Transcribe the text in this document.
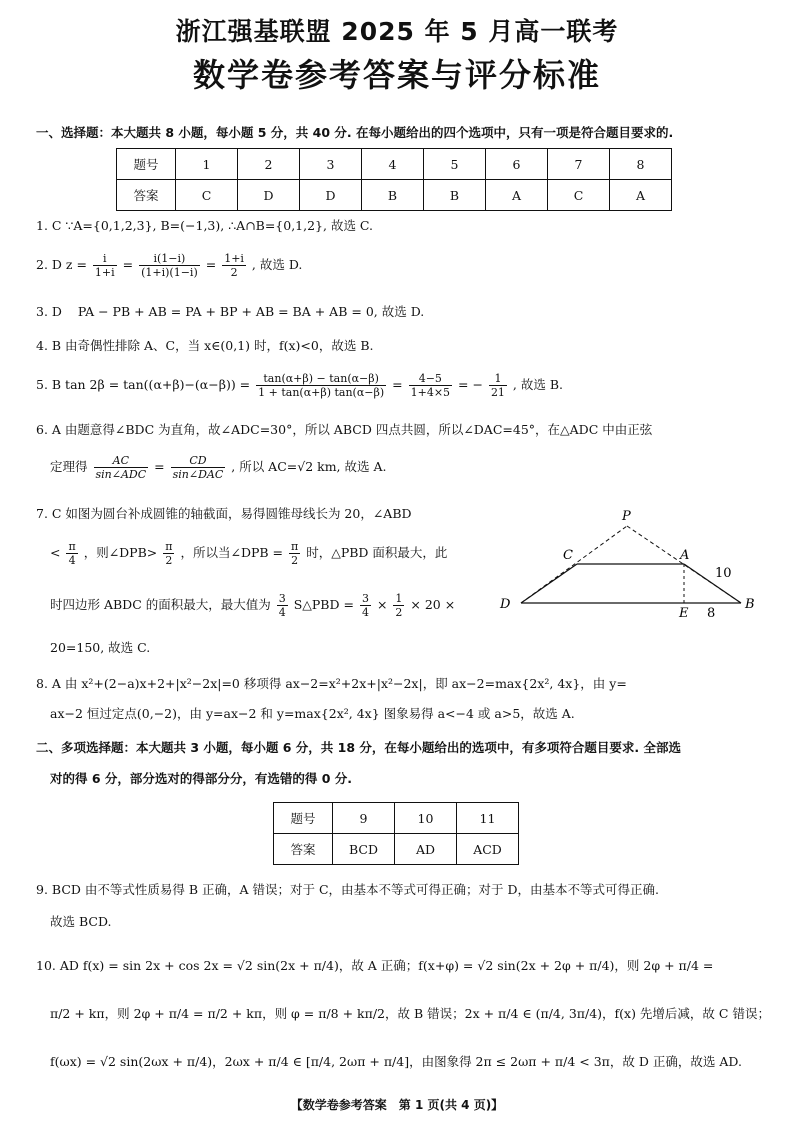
浙江强基联盟 2025 年 5 月高一联考
数学卷参考答案与评分标准
一、选择题：本大题共 8 小题，每小题 5 分，共 40 分. 在每小题给出的四个选项中，只有一项是符合题目要求的.
题号	1	2	3	4	5	6	7	8
答案	C	D	D	B	B	A	C	A
1. C ∵A={0,1,2,3}, B=(−1,3), ∴A∩B={0,1,2}, 故选 C.
2. D $z = \frac{i}{1+i} = \frac{i(1-i)}{(1+i)(1-i)} = \frac{1+i}{2}$ , 故选 D.
3. D PA − PB + AB = PA + BP + AB = BA + AB = 0, 故选 D.
4. B 由奇偶性排除 A、C，当 x∈(0,1) 时，f(x)<0，故选 B.
5. B $\tan 2\beta = \tan((\alpha+\beta)-(\alpha-\beta)) = \frac{\tan(\alpha+\beta) - \tan(\alpha-\beta)}{1 + \tan(\alpha+\beta) \tan(\alpha-\beta)} = \frac{4-5}{1+4\times 5}$ = − $\frac{1}{21}$ , 故选 B.
6. A 由题意得∠BDC 为直角，故∠ADC=30°，所以 ABCD 四点共圆，所以∠DAC=45°，在△ADC 中由正弦
定理得 $\frac{AC}{\text{sin∠ADC}} = \frac{CD}{\text{sin∠DAC}}$ , 所以 AC=√2 km, 故选 A.
7. C 如图为圆台补成圆锥的轴截面，易得圆锥母线长为 20，∠ABD
< $\frac{\pi}{4}$ ，则∠DPB> $\frac{\pi}{2}$ ，所以当∠DPB = $\frac{\pi}{2}$ 时，△PBD 面积最大，此
时四边形 ABDC 的面积最大，最大值为 $\frac{3}{4}$ S△PBD = $\frac{3}{4} \times \frac{1}{2} \times 20$ ×
20=150, 故选 C.
P
C	A
D
E
B
10
8
8. A 由 x²+(2−a)x+2+|x²−2x|=0 移项得 ax−2=x²+2x+|x²−2x|，即 ax−2=max{2x², 4x}，由 y=
ax−2 恒过定点(0,−2)，由 y=ax−2 和 y=max{2x², 4x} 图象易得 a<−4 或 a>5，故选 A.
二、多项选择题：本大题共 3 小题，每小题 6 分，共 18 分，在每小题给出的选项中，有多项符合题目要求. 全部选
对的得 6 分，部分选对的得部分分，有选错的得 0 分.
题号	9	10	11
答案	BCD	AD	ACD
9. BCD 由不等式性质易得 B 正确，A 错误；对于 C，由基本不等式可得正确；对于 D，由基本不等式可得正确.
故选 BCD.
10. AD f(x) = sin 2x + cos 2x = √2 sin(2x + π/4)，故 A 正确；f(x+φ) = √2 sin(2x + 2φ + π/4)，则 2φ + π/4 =
π/2 + kπ，则 2φ + π/4 = π/2 + kπ，则 φ = π/8 + kπ/2，故 B 错误；2x + π/4 ∈ (π/4, 3π/4)，f(x) 先增后减，故 C 错误；
f(ωx) = √2 sin(2ωx + π/4)，2ωx + π/4 ∈ [π/4, 2ωπ + π/4]，由图象得 2π ≤ 2ωπ + π/4 < 3π，故 D 正确，故选 AD.
【数学卷参考答案　第 1 页(共 4 页)】
